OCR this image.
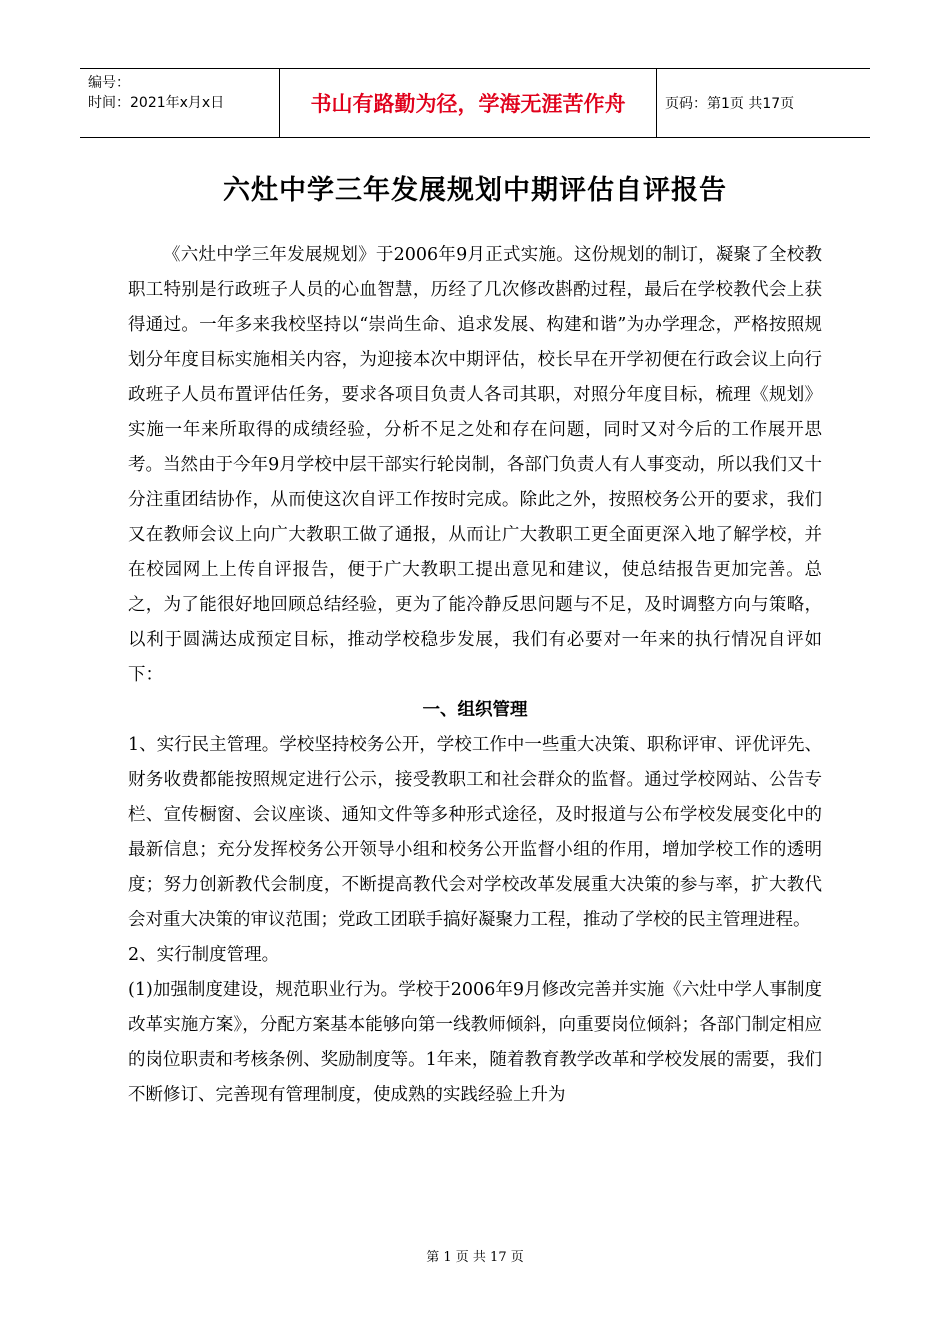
编号：
时间：2021年x月x日	书山有路勤为径，学海无涯苦作舟	页码：第1页 共17页
六灶中学三年发展规划中期评估自评报告

《六灶中学三年发展规划》于2006年9月正式实施。这份规划的制订，凝聚了全校教职工特别是行政班子人员的心血智慧，历经了几次修改斟酌过程，最后在学校教代会上获得通过。一年多来我校坚持以“崇尚生命、追求发展、构建和谐”为办学理念，严格按照规划分年度目标实施相关内容，为迎接本次中期评估，校长早在开学初便在行政会议上向行政班子人员布置评估任务，要求各项目负责人各司其职，对照分年度目标，梳理《规划》实施一年来所取得的成绩经验，分析不足之处和存在问题，同时又对今后的工作展开思考。当然由于今年9月学校中层干部实行轮岗制，各部门负责人有人事变动，所以我们又十分注重团结协作，从而使这次自评工作按时完成。除此之外，按照校务公开的要求，我们又在教师会议上向广大教职工做了通报，从而让广大教职工更全面更深入地了解学校，并在校园网上上传自评报告，便于广大教职工提出意见和建议，使总结报告更加完善。总之，为了能很好地回顾总结经验，更为了能冷静反思问题与不足，及时调整方向与策略，以利于圆满达成预定目标，推动学校稳步发展，我们有必要对一年来的执行情况自评如下：

一、组织管理

1、实行民主管理。学校坚持校务公开，学校工作中一些重大决策、职称评审、评优评先、财务收费都能按照规定进行公示，接受教职工和社会群众的监督。通过学校网站、公告专栏、宣传橱窗、会议座谈、通知文件等多种形式途径，及时报道与公布学校发展变化中的最新信息；充分发挥校务公开领导小组和校务公开监督小组的作用，增加学校工作的透明度；努力创新教代会制度，不断提高教代会对学校改革发展重大决策的参与率，扩大教代会对重大决策的审议范围；党政工团联手搞好凝聚力工程，推动了学校的民主管理进程。

2、实行制度管理。

(1)加强制度建设，规范职业行为。学校于2006年9月修改完善并实施《六灶中学人事制度改革实施方案》，分配方案基本能够向第一线教师倾斜，向重要岗位倾斜；各部门制定相应的岗位职责和考核条例、奖励制度等。1年来，随着教育教学改革和学校发展的需要，我们不断修订、完善现有管理制度，使成熟的实践经验上升为

第 1 页 共 17 页
